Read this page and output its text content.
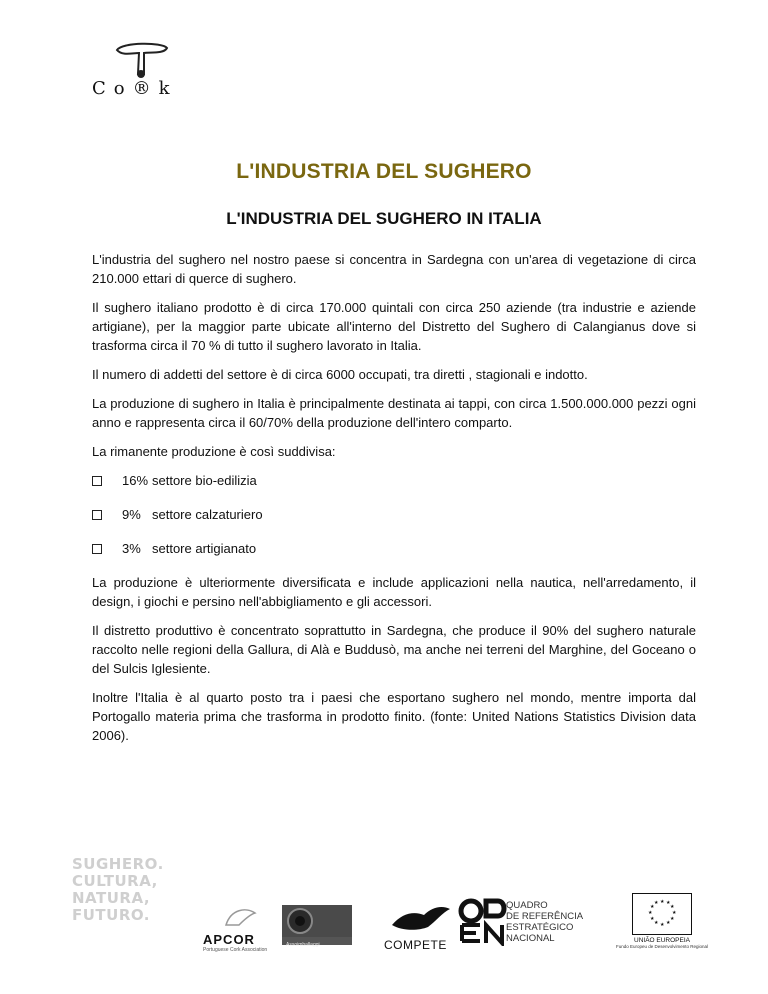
Co®k
L'INDUSTRIA DEL SUGHERO
L'INDUSTRIA DEL SUGHERO IN ITALIA

L'industria del sughero nel nostro paese si concentra in Sardegna con un'area di vegetazione di circa 210.000 ettari di querce di sughero.

Il sughero italiano prodotto è di circa 170.000 quintali con circa 250 aziende (tra industrie e aziende artigiane), per la maggior parte ubicate all'interno del Distretto del Sughero di Calangianus dove si trasforma circa il 70 % di tutto il sughero lavorato in Italia.

Il numero di addetti del settore è di circa 6000 occupati, tra diretti , stagionali e indotto.

La produzione di sughero in Italia è principalmente destinata ai tappi, con circa 1.500.000.000 pezzi ogni anno e rappresenta circa il 60/70% della produzione dell'intero comparto.

La rimanente produzione è così suddivisa:

16% settore bio-edilizia
9% settore calzaturiero
3% settore artigianato

La produzione è ulteriormente diversificata e include applicazioni nella nautica, nell'arredamento, il design, i giochi e persino nell'abbigliamento e gli accessori.

Il distretto produttivo è concentrato soprattutto in Sardegna, che produce il 90% del sughero naturale raccolto nelle regioni della Gallura, di Alà e Buddusò, ma anche nei terreni del Marghine, del Goceano o del Sulcis Iglesiente.

Inoltre l'Italia è al quarto posto tra i paesi che esportano sughero nel mondo, mentre importa dal Portogallo materia prima che trasforma in prodotto finito. (fonte: United Nations Statistics Division data 2006).

SUGHERO.
CULTURA,
NATURA,
FUTURO.
APCOR
Portuguese Cork Association
Assoimballaggi	COMPETE
QUADRO
DE REFERÊNCIA
ESTRATÉGICO
NACIONAL
★ ★
★
★
★
★
★
★
★
★
★
★
UNIÃO EUROPEIA
Fundo Europeu de Desenvolvimento Regional
